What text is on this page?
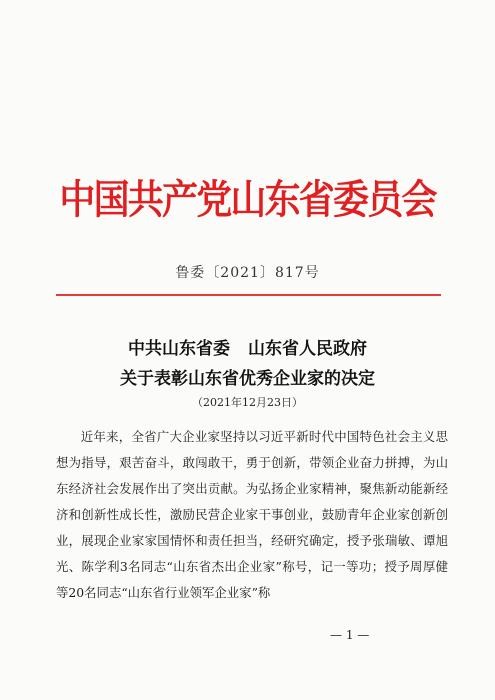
中国共产党山东省委员会
鲁委〔2021〕817号
中共山东省委 山东省人民政府
关于表彰山东省优秀企业家的决定
（2021年12月23日）
近年来，全省广大企业家坚持以习近平新时代中国特色社会主义思想为指导，艰苦奋斗，敢闯敢干，勇于创新，带领企业奋力拼搏，为山东经济社会发展作出了突出贡献。为弘扬企业家精神，聚焦新动能新经济和创新性成长性，激励民营企业家干事创业，鼓励青年企业家创新创业，展现企业家家国情怀和责任担当，经研究确定，授予张瑞敏、谭旭光、陈学利3名同志“山东省杰出企业家”称号，记一等功；授予周厚健等20名同志“山东省行业领军企业家”称
— 1 —
